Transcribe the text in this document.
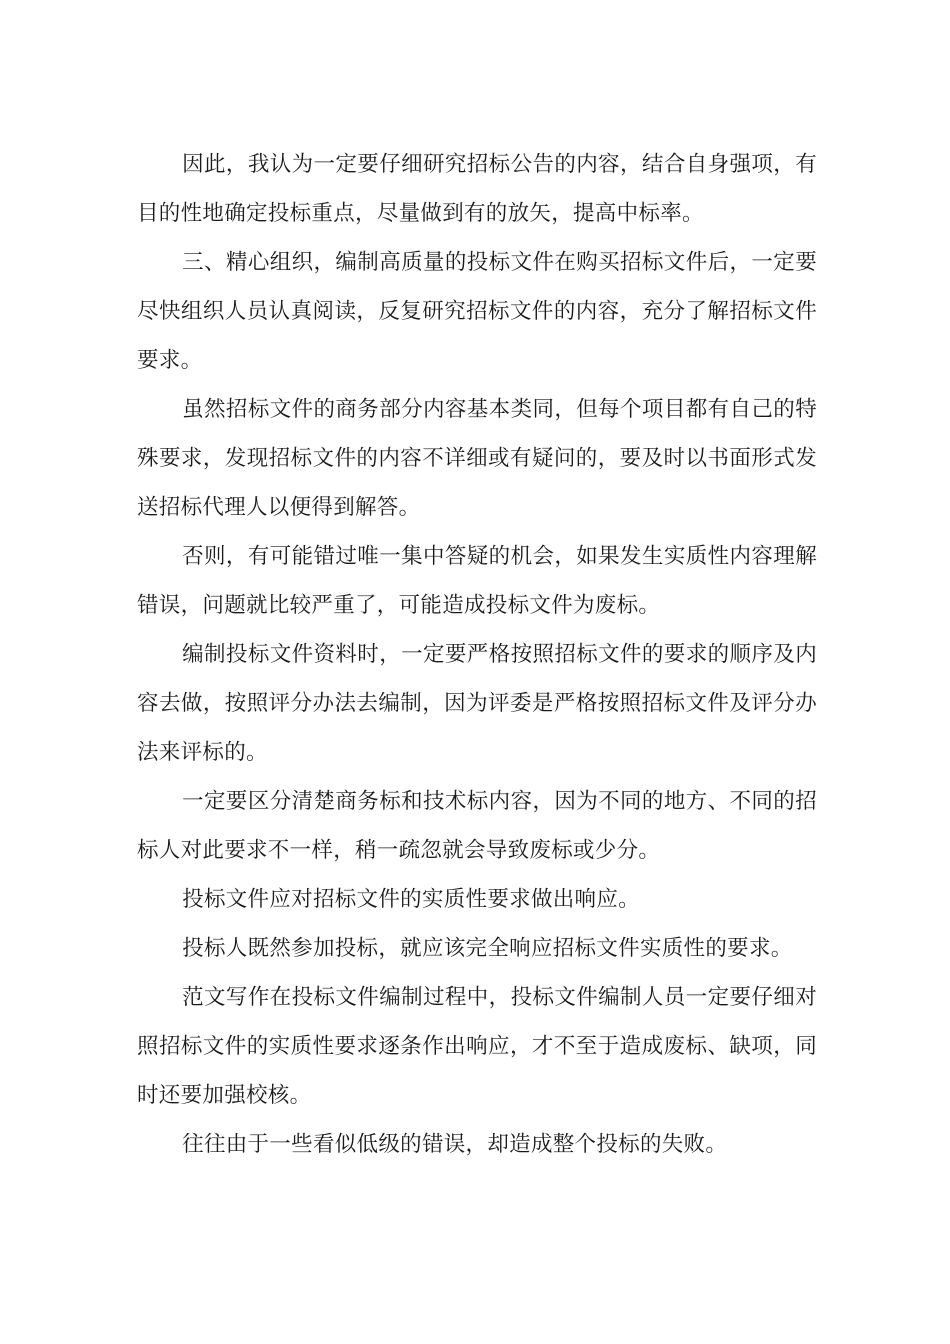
因此，我认为一定要仔细研究招标公告的内容，结合自身强项，有目的性地确定投标重点，尽量做到有的放矢，提高中标率。

三、精心组织，编制高质量的投标文件在购买招标文件后，一定要尽快组织人员认真阅读，反复研究招标文件的内容，充分了解招标文件要求。

虽然招标文件的商务部分内容基本类同，但每个项目都有自己的特殊要求，发现招标文件的内容不详细或有疑问的，要及时以书面形式发送招标代理人以便得到解答。

否则，有可能错过唯一集中答疑的机会，如果发生实质性内容理解错误，问题就比较严重了，可能造成投标文件为废标。

编制投标文件资料时，一定要严格按照招标文件的要求的顺序及内容去做，按照评分办法去编制，因为评委是严格按照招标文件及评分办法来评标的。

一定要区分清楚商务标和技术标内容，因为不同的地方、不同的招标人对此要求不一样，稍一疏忽就会导致废标或少分。

投标文件应对招标文件的实质性要求做出响应。

投标人既然参加投标，就应该完全响应招标文件实质性的要求。

范文写作在投标文件编制过程中，投标文件编制人员一定要仔细对照招标文件的实质性要求逐条作出响应，才不至于造成废标、缺项，同时还要加强校核。

往往由于一些看似低级的错误，却造成整个投标的失败。
